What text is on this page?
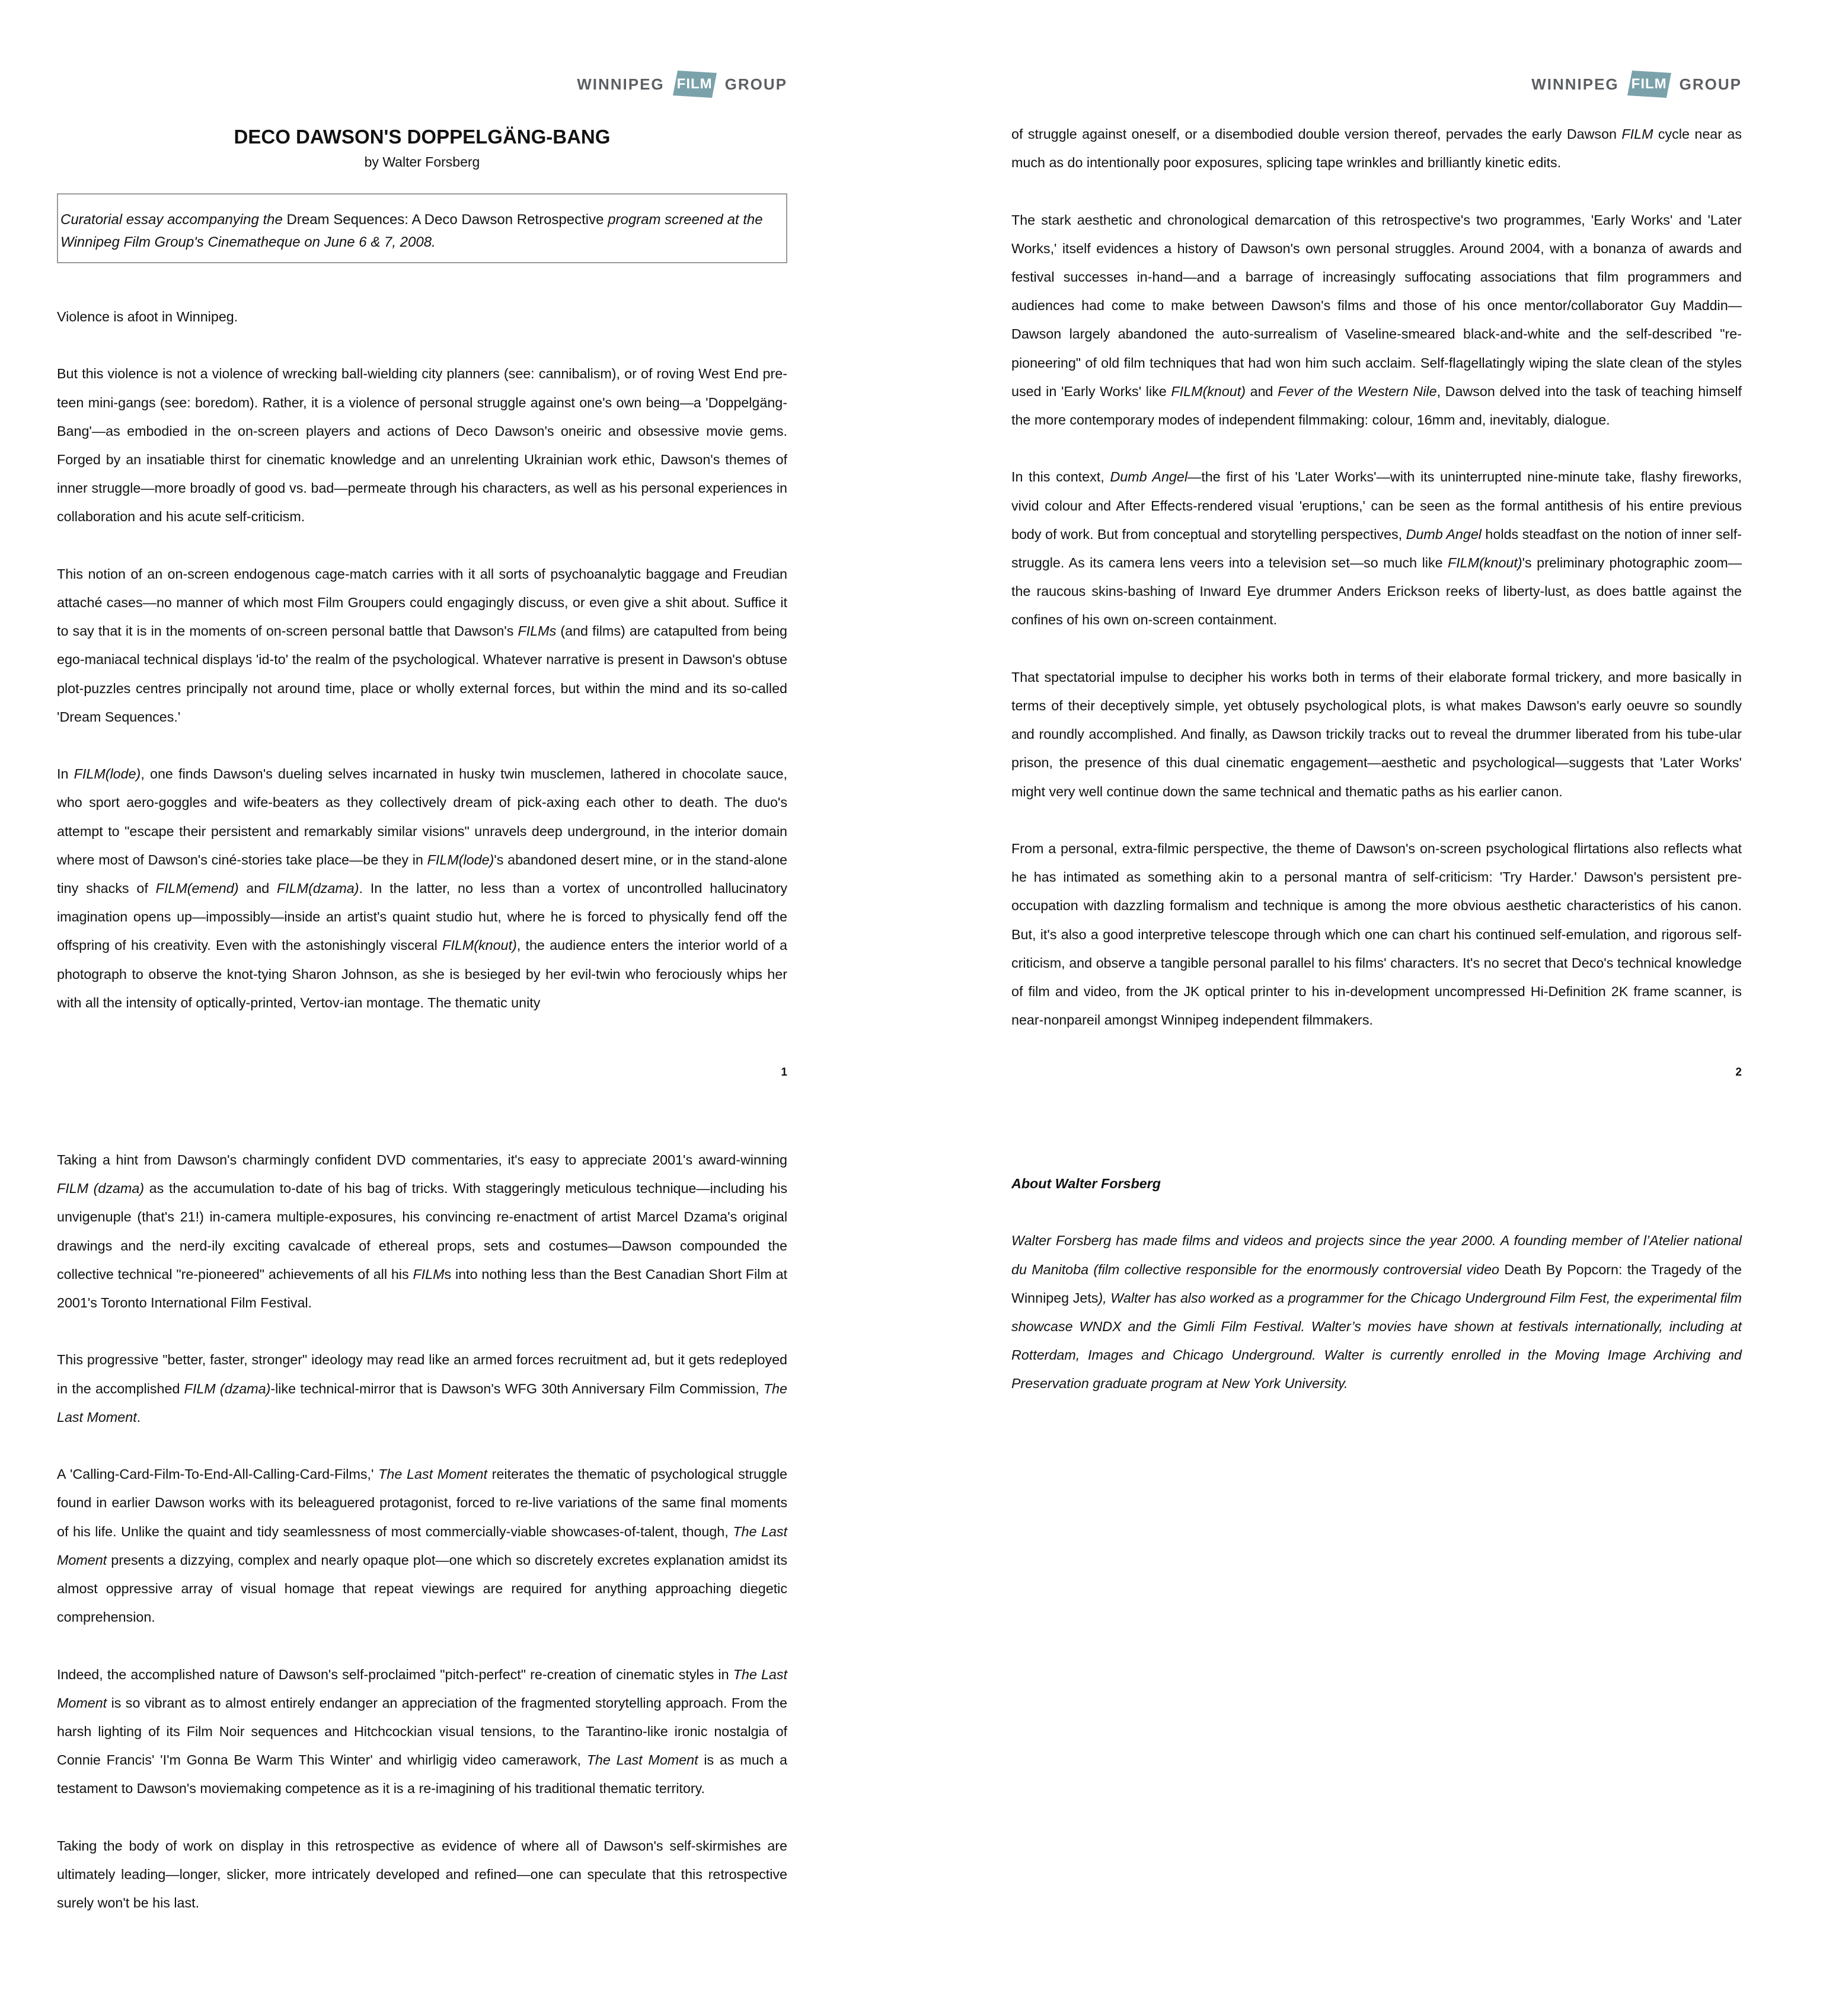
WINNIPEG FILM GROUP
DECO DAWSON'S DOPPELGÄNG-BANG
by Walter Forsberg
Curatorial essay accompanying the Dream Sequences: A Deco Dawson Retrospective program screened at the Winnipeg Film Group's Cinematheque on June 6 & 7, 2008.

Violence is afoot in Winnipeg.

But this violence is not a violence of wrecking ball-wielding city planners (see: cannibalism), or of roving West End pre-teen mini-gangs (see: boredom). Rather, it is a violence of personal struggle against one's own being—a 'Doppelgäng-Bang'—as embodied in the on-screen players and actions of Deco Dawson's oneiric and obsessive movie gems. Forged by an insatiable thirst for cinematic knowledge and an unrelenting Ukrainian work ethic, Dawson's themes of inner struggle—more broadly of good vs. bad—permeate through his characters, as well as his personal experiences in collaboration and his acute self-criticism.

This notion of an on-screen endogenous cage-match carries with it all sorts of psychoanalytic baggage and Freudian attaché cases—no manner of which most Film Groupers could engagingly discuss, or even give a shit about. Suffice it to say that it is in the moments of on-screen personal battle that Dawson's FILMs (and films) are catapulted from being ego-maniacal technical displays 'id-to' the realm of the psychological. Whatever narrative is present in Dawson's obtuse plot-puzzles centres principally not around time, place or wholly external forces, but within the mind and its so-called 'Dream Sequences.'

In FILM(lode), one finds Dawson's dueling selves incarnated in husky twin musclemen, lathered in chocolate sauce, who sport aero-goggles and wife-beaters as they collectively dream of pick-axing each other to death. The duo's attempt to "escape their persistent and remarkably similar visions" unravels deep underground, in the interior domain where most of Dawson's ciné-stories take place—be they in FILM(lode)'s abandoned desert mine, or in the stand-alone tiny shacks of FILM(emend) and FILM(dzama). In the latter, no less than a vortex of uncontrolled hallucinatory imagination opens up—impossibly—inside an artist's quaint studio hut, where he is forced to physically fend off the offspring of his creativity. Even with the astonishingly visceral FILM(knout), the audience enters the interior world of a photograph to observe the knot-tying Sharon Johnson, as she is besieged by her evil-twin who ferociously whips her with all the intensity of optically-printed, Vertov-ian montage. The thematic unity

1
WINNIPEG FILM GROUP

of struggle against oneself, or a disembodied double version thereof, pervades the early Dawson FILM cycle near as much as do intentionally poor exposures, splicing tape wrinkles and brilliantly kinetic edits.

The stark aesthetic and chronological demarcation of this retrospective's two programmes, 'Early Works' and 'Later Works,' itself evidences a history of Dawson's own personal struggles. Around 2004, with a bonanza of awards and festival successes in-hand—and a barrage of increasingly suffocating associations that film programmers and audiences had come to make between Dawson's films and those of his once mentor/collaborator Guy Maddin—Dawson largely abandoned the auto-surrealism of Vaseline-smeared black-and-white and the self-described "re-pioneering" of old film techniques that had won him such acclaim. Self-flagellatingly wiping the slate clean of the styles used in 'Early Works' like FILM(knout) and Fever of the Western Nile, Dawson delved into the task of teaching himself the more contemporary modes of independent filmmaking: colour, 16mm and, inevitably, dialogue.

In this context, Dumb Angel—the first of his 'Later Works'—with its uninterrupted nine-minute take, flashy fireworks, vivid colour and After Effects-rendered visual 'eruptions,' can be seen as the formal antithesis of his entire previous body of work. But from conceptual and storytelling perspectives, Dumb Angel holds steadfast on the notion of inner self-struggle. As its camera lens veers into a television set—so much like FILM(knout)'s preliminary photographic zoom—the raucous skins-bashing of Inward Eye drummer Anders Erickson reeks of liberty-lust, as does battle against the confines of his own on-screen containment.

That spectatorial impulse to decipher his works both in terms of their elaborate formal trickery, and more basically in terms of their deceptively simple, yet obtusely psychological plots, is what makes Dawson's early oeuvre so soundly and roundly accomplished. And finally, as Dawson trickily tracks out to reveal the drummer liberated from his tube-ular prison, the presence of this dual cinematic engagement—aesthetic and psychological—suggests that 'Later Works' might very well continue down the same technical and thematic paths as his earlier canon.

From a personal, extra-filmic perspective, the theme of Dawson's on-screen psychological flirtations also reflects what he has intimated as something akin to a personal mantra of self-criticism: 'Try Harder.' Dawson's persistent pre-occupation with dazzling formalism and technique is among the more obvious aesthetic characteristics of his canon. But, it's also a good interpretive telescope through which one can chart his continued self-emulation, and rigorous self-criticism, and observe a tangible personal parallel to his films' characters. It's no secret that Deco's technical knowledge of film and video, from the JK optical printer to his in-development uncompressed Hi-Definition 2K frame scanner, is near-nonpareil amongst Winnipeg independent filmmakers.

2

Taking a hint from Dawson's charmingly confident DVD commentaries, it's easy to appreciate 2001's award-winning FILM (dzama) as the accumulation to-date of his bag of tricks. With staggeringly meticulous technique—including his unvigenuple (that's 21!) in-camera multiple-exposures, his convincing re-enactment of artist Marcel Dzama's original drawings and the nerd-ily exciting cavalcade of ethereal props, sets and costumes—Dawson compounded the collective technical "re-pioneered" achievements of all his FILMs into nothing less than the Best Canadian Short Film at 2001's Toronto International Film Festival.

This progressive "better, faster, stronger" ideology may read like an armed forces recruitment ad, but it gets redeployed in the accomplished FILM (dzama)-like technical-mirror that is Dawson's WFG 30th Anniversary Film Commission, The Last Moment.

A 'Calling-Card-Film-To-End-All-Calling-Card-Films,' The Last Moment reiterates the thematic of psychological struggle found in earlier Dawson works with its beleaguered protagonist, forced to re-live variations of the same final moments of his life. Unlike the quaint and tidy seamlessness of most commercially-viable showcases-of-talent, though, The Last Moment presents a dizzying, complex and nearly opaque plot—one which so discretely excretes explanation amidst its almost oppressive array of visual homage that repeat viewings are required for anything approaching diegetic comprehension.

Indeed, the accomplished nature of Dawson's self-proclaimed "pitch-perfect" re-creation of cinematic styles in The Last Moment is so vibrant as to almost entirely endanger an appreciation of the fragmented storytelling approach. From the harsh lighting of its Film Noir sequences and Hitchcockian visual tensions, to the Tarantino-like ironic nostalgia of Connie Francis' 'I'm Gonna Be Warm This Winter' and whirligig video camerawork, The Last Moment is as much a testament to Dawson's moviemaking competence as it is a re-imagining of his traditional thematic territory.

Taking the body of work on display in this retrospective as evidence of where all of Dawson's self-skirmishes are ultimately leading—longer, slicker, more intricately developed and refined—one can speculate that this retrospective surely won't be his last.

About Walter Forsberg

Walter Forsberg has made films and videos and projects since the year 2000. A founding member of l’Atelier national du Manitoba (film collective responsible for the enormously controversial video Death By Popcorn: the Tragedy of the Winnipeg Jets), Walter has also worked as a programmer for the Chicago Underground Film Fest, the experimental film showcase WNDX and the Gimli Film Festival. Walter’s movies have shown at festivals internationally, including at Rotterdam, Images and Chicago Underground. Walter is currently enrolled in the Moving Image Archiving and Preservation graduate program at New York University.
